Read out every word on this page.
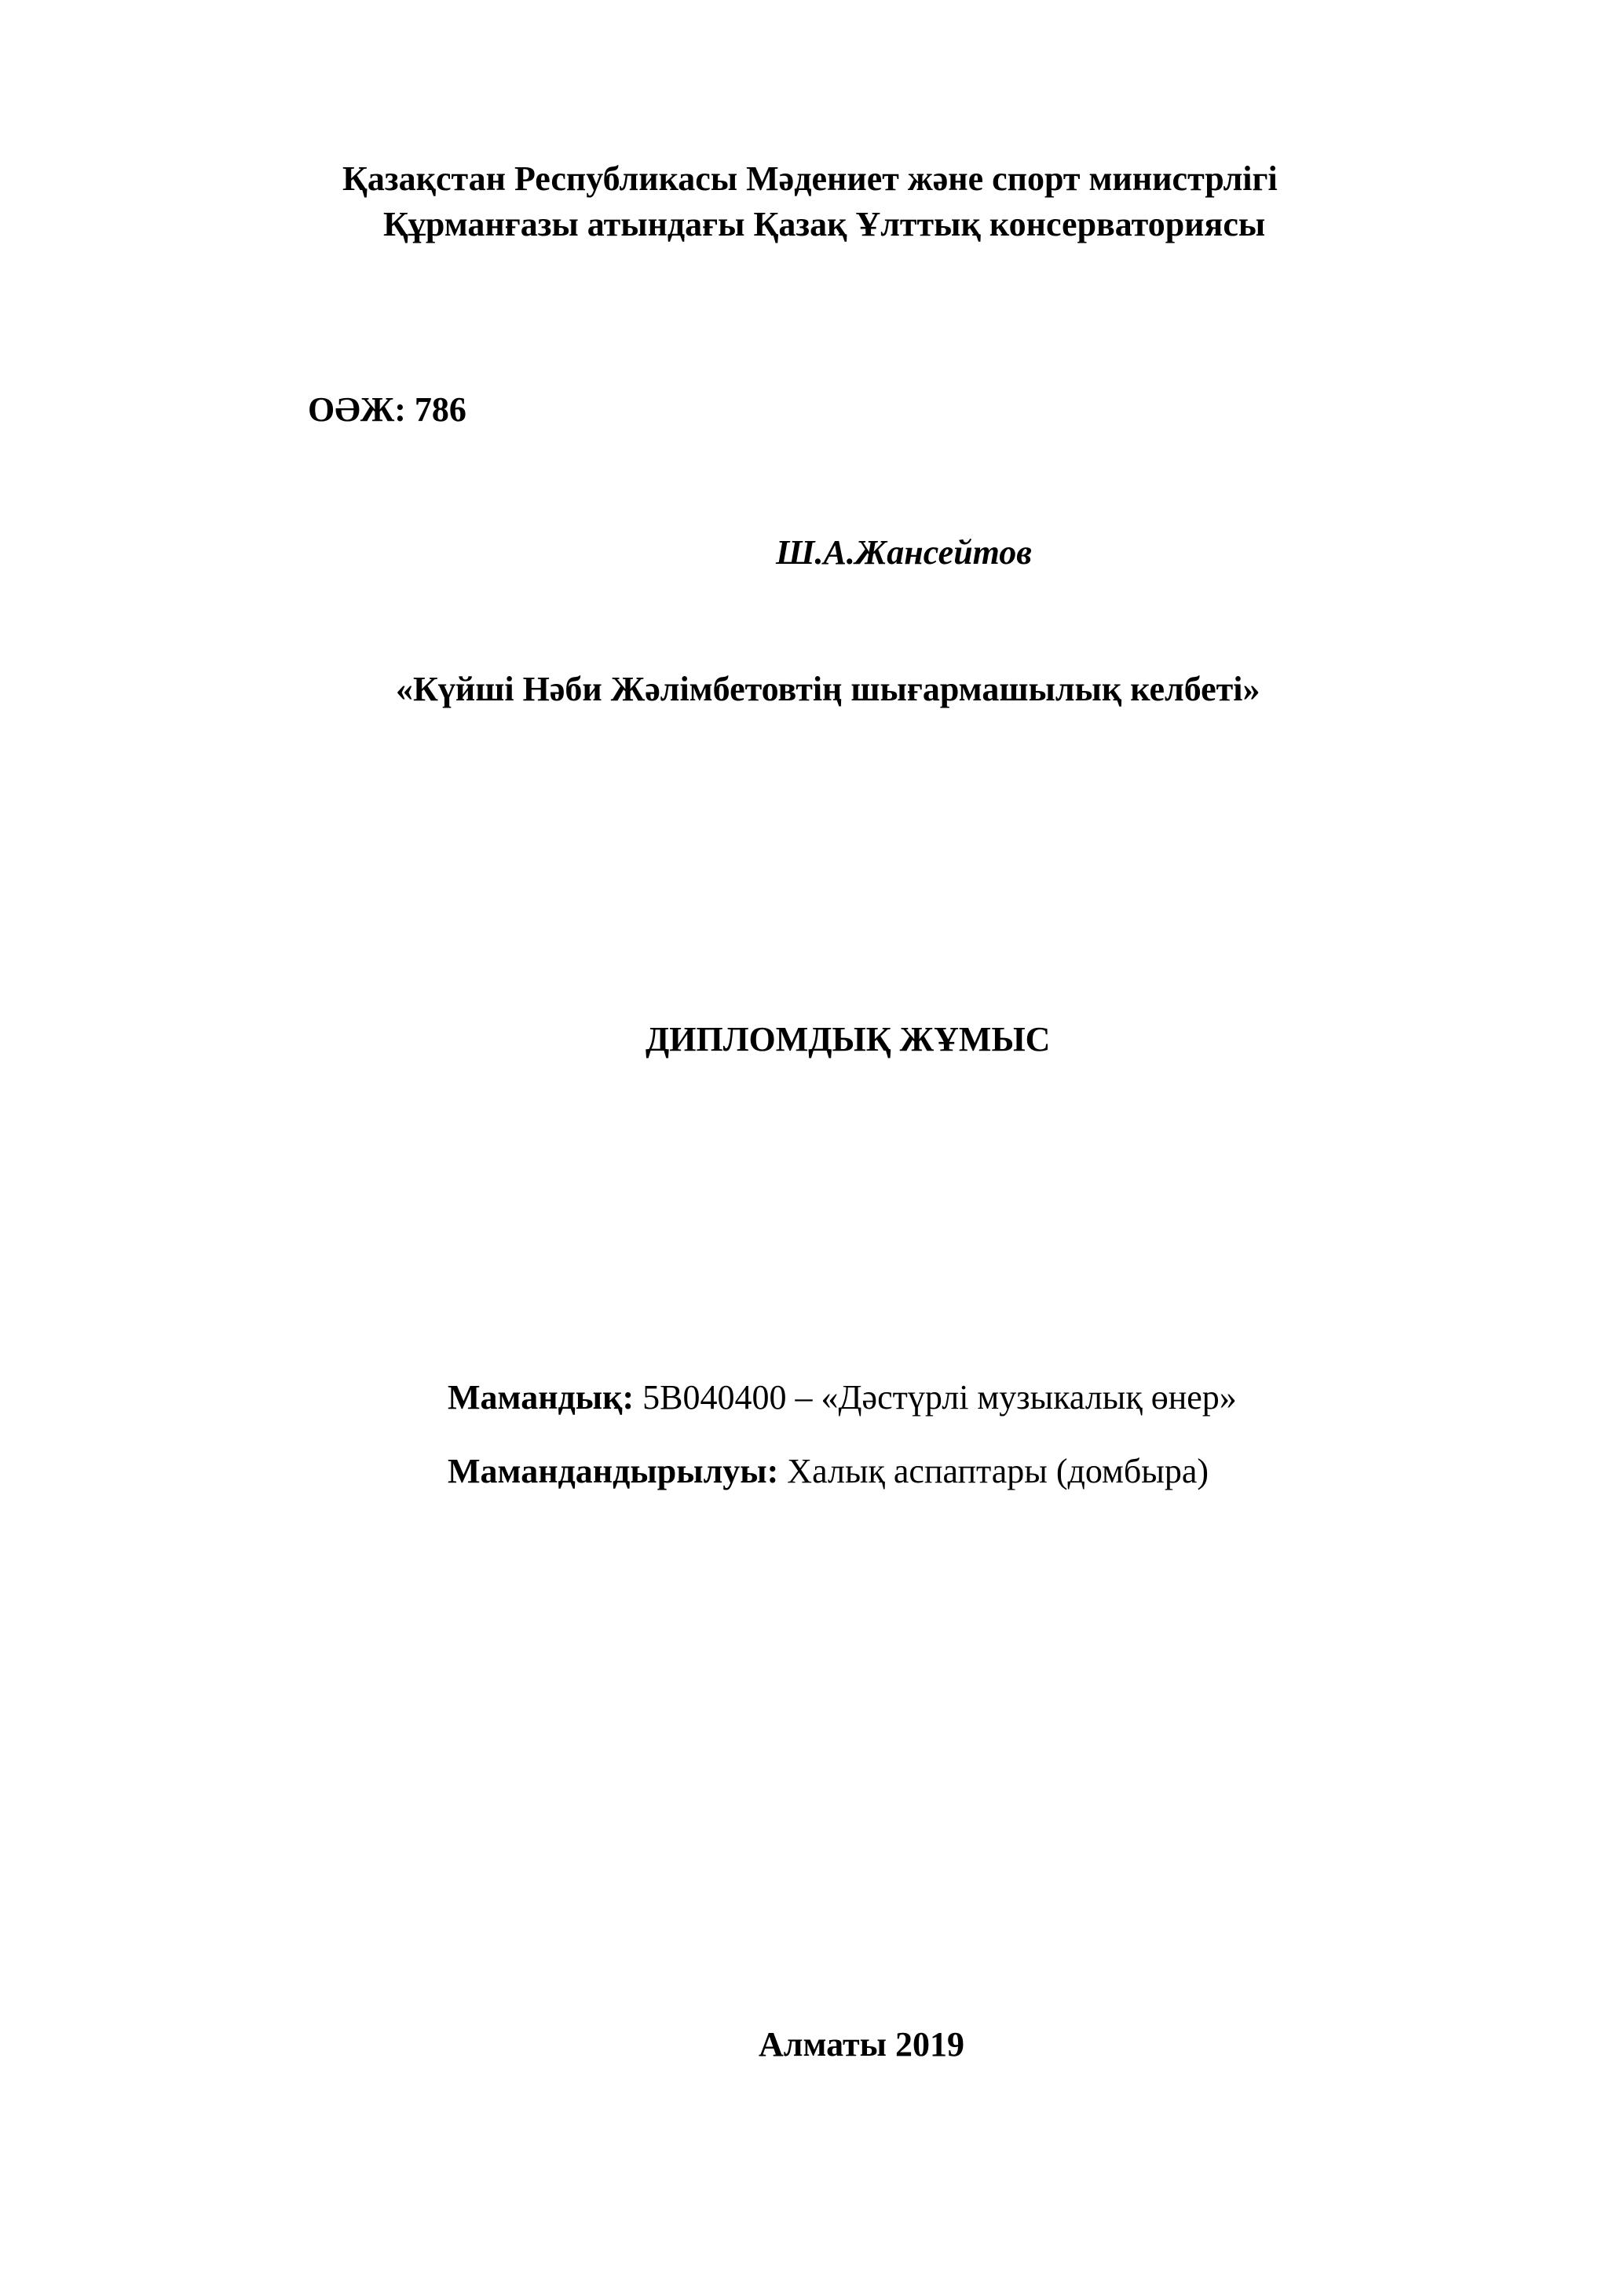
Қазақстан Республикасы Мәдениет және спорт министрлігі
Құрманғазы атындағы Қазақ Ұлттық консерваториясы
ОӘЖ: 786
Ш.А.Жансейтов
«Күйші Нәби Жәлімбетовтің шығармашылық келбеті»
ДИПЛОМДЫҚ ЖҰМЫС
Мамандық: 5В040400 – «Дәстүрлі музыкалық өнер»
Мамандандырылуы: Халық аспаптары (домбыра)
Алматы 2019
